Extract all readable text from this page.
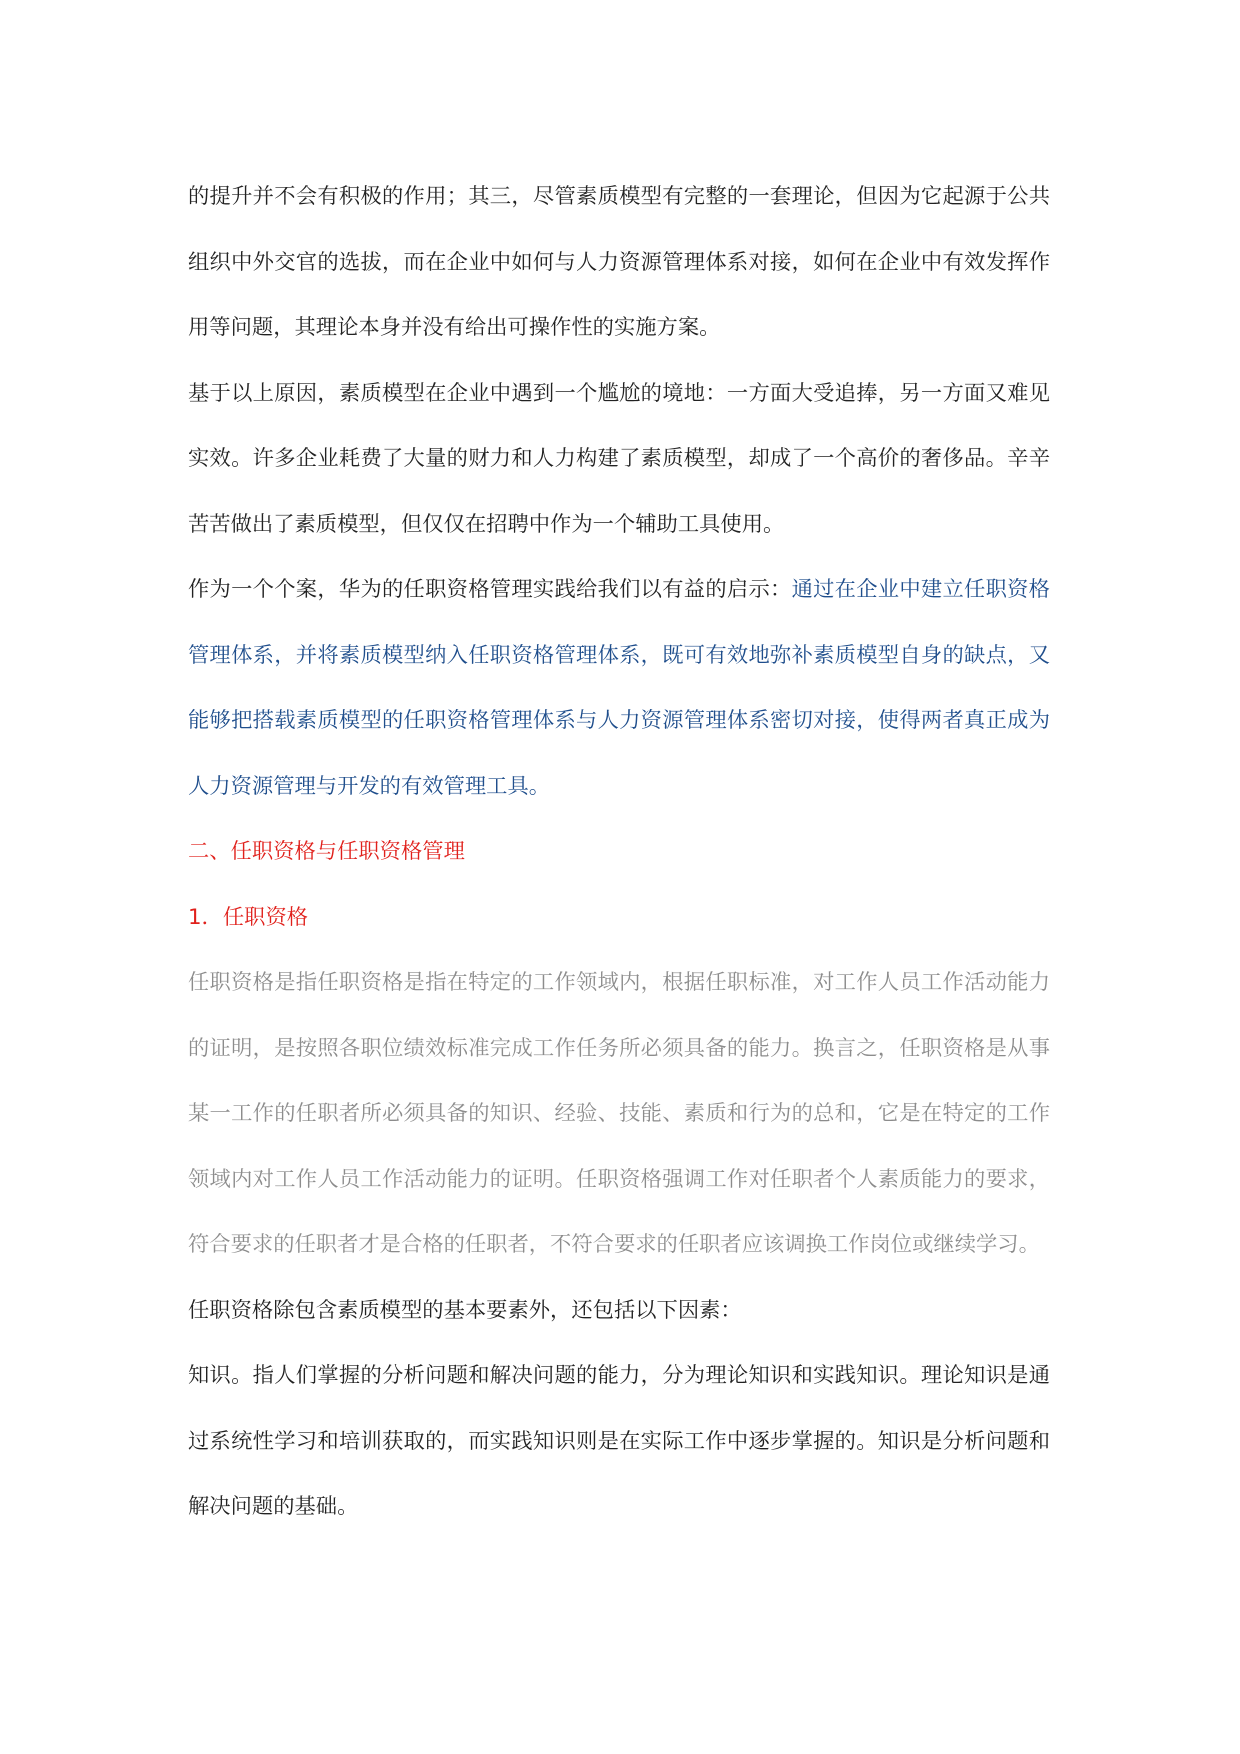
的提升并不会有积极的作用；其三，尽管素质模型有完整的一套理论，但因为它起源于公共组织中外交官的选拔，而在企业中如何与人力资源管理体系对接，如何在企业中有效发挥作用等问题，其理论本身并没有给出可操作性的实施方案。

基于以上原因，素质模型在企业中遇到一个尴尬的境地：一方面大受追捧，另一方面又难见实效。许多企业耗费了大量的财力和人力构建了素质模型，却成了一个高价的奢侈品。辛辛苦苦做出了素质模型，但仅仅在招聘中作为一个辅助工具使用。

作为一个个案，华为的任职资格管理实践给我们以有益的启示：通过在企业中建立任职资格管理体系，并将素质模型纳入任职资格管理体系，既可有效地弥补素质模型自身的缺点，又能够把搭载素质模型的任职资格管理体系与人力资源管理体系密切对接，使得两者真正成为人力资源管理与开发的有效管理工具。

二、任职资格与任职资格管理

1．任职资格

任职资格是指任职资格是指在特定的工作领域内，根据任职标准，对工作人员工作活动能力的证明，是按照各职位绩效标准完成工作任务所必须具备的能力。换言之，任职资格是从事某一工作的任职者所必须具备的知识、经验、技能、素质和行为的总和，它是在特定的工作领域内对工作人员工作活动能力的证明。任职资格强调工作对任职者个人素质能力的要求，符合要求的任职者才是合格的任职者，不符合要求的任职者应该调换工作岗位或继续学习。

任职资格除包含素质模型的基本要素外，还包括以下因素：

知识。指人们掌握的分析问题和解决问题的能力，分为理论知识和实践知识。理论知识是通过系统性学习和培训获取的，而实践知识则是在实际工作中逐步掌握的。知识是分析问题和解决问题的基础。
